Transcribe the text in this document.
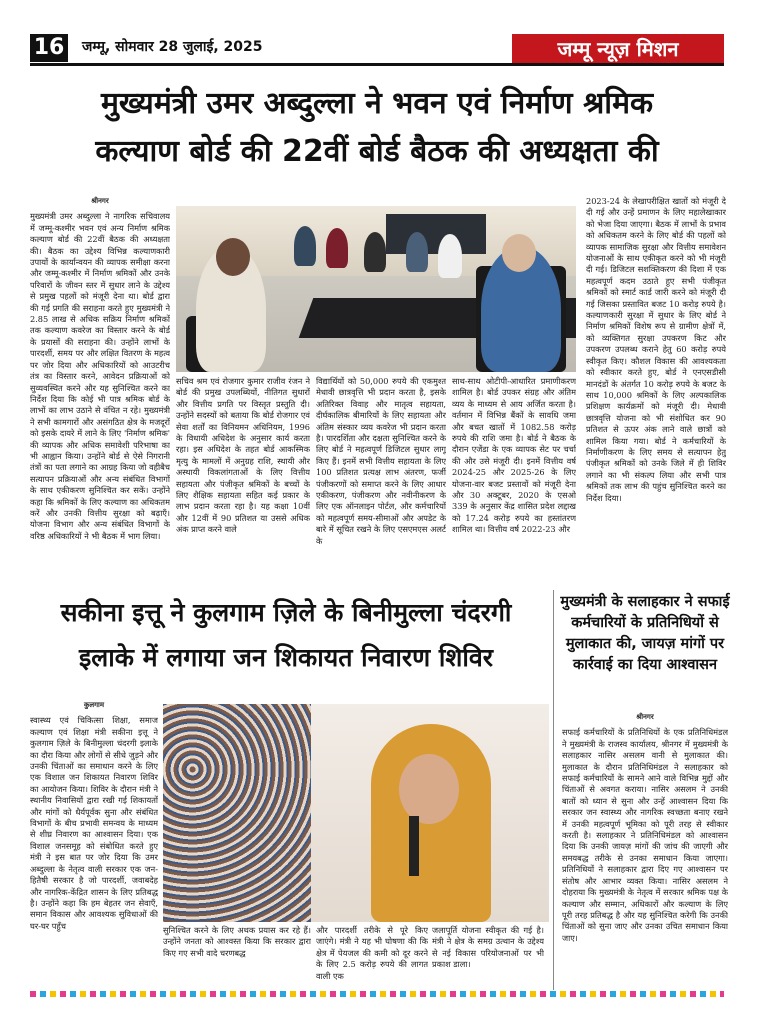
16 जम्मू, सोमवार 28 जुलाई, 2025	जम्मू न्यूज़ मिशन
मुख्यमंत्री उमर अब्दुल्ला ने भवन एवं निर्माण श्रमिक
कल्याण बोर्ड की 22वीं बोर्ड बैठक की अध्यक्षता की
श्रीनगर
मुख्यमंत्री उमर अब्दुल्ला ने नागरिक सचिवालय में जम्मू-कश्मीर भवन एवं अन्य निर्माण श्रमिक कल्याण बोर्ड की 22वीं बैठक की अध्यक्षता की। बैठक का उद्देश्य विभिन्न कल्याणकारी उपायों के कार्यान्वयन की व्यापक समीक्षा करना और जम्मू-कश्मीर में निर्माण श्रमिकों और उनके परिवारों के जीवन स्तर में सुधार लाने के उद्देश्य से प्रमुख पहलों को मंजूरी देना था। बोर्ड द्वारा की गई प्रगति की सराहना करते हुए मुख्यमंत्री ने 2.85 लाख से अधिक सक्रिय निर्माण श्रमिकों तक कल्याण कवरेज का विस्तार करने के बोर्ड के प्रयासों की सराहना की। उन्होंने लाभों के पारदर्शी, समय पर और लक्षित वितरण के महत्व पर जोर दिया और अधिकारियों को आउटरीच तंत्र का विस्तार करने, आवेदन प्रक्रियाओं को सुव्यवस्थित करने और यह सुनिश्चित करने का निर्देश दिया कि कोई भी पात्र श्रमिक बोर्ड के लाभों का लाभ उठाने से वंचित न रहे। मुख्यमंत्री ने सभी कामगारों और असंगठित क्षेत्र के मजदूरों को इसके दायरे में लाने के लिए 'निर्माण श्रमिक' की व्यापक और अधिक समावेशी परिभाषा का भी आह्वान किया। उन्होंने बोर्ड से ऐसे निगरानी तंत्रों का पता लगाने का आग्रह किया जो वहीबैच सत्यापन प्रक्रियाओं और अन्य संबंधित विभागों के साथ एकीकरण सुनिश्चित कर सकें। उन्होंने कहा कि श्रमिकों के लिए कल्याण का अधिकतम करें और उनकी वित्तीय सुरक्षा को बढ़ाएँ। योजना विभाग और अन्य संबंधित विभागों के वरिष्ठ अधिकारियों ने भी बैठक में भाग लिया।
सचिव श्रम एवं रोजगार कुमार राजीव रंजन ने बोर्ड की प्रमुख उपलब्धियों, नीतिगत सुधारों और वित्तीय प्रगति पर विस्तृत प्रस्तुति दी। उन्होंने सदस्यों को बताया कि बोर्ड रोजगार एवं सेवा शर्तों का विनियमन अधिनियम, 1996 के विधायी अधिदेश के अनुसार कार्य करता रहा। इस अधिदेश के तहत बोर्ड आकस्मिक मृत्यु के मामलों में अनुग्रह राशि, स्थायी और अस्थायी विकलांगताओं के लिए वित्तीय सहायता और पंजीकृत श्रमिकों के बच्चों के लिए शैक्षिक सहायता सहित कई प्रकार के लाभ प्रदान करता रहा है। यह कक्षा 10वीं और 12वीं में 90 प्रतिशत या उससे अधिक अंक प्राप्त करने वाले
विद्यार्थियों को 50,000 रुपये की एकमुश्त मेधावी छात्रवृत्ति भी प्रदान करता है, इसके अतिरिक्त विवाह और मातृत्व सहायता, दीर्घकालिक बीमारियों के लिए सहायता और अंतिम संस्कार व्यय कवरेज भी प्रदान करता है। पारदर्शिता और दक्षता सुनिश्चित करने के लिए बोर्ड ने महत्वपूर्ण डिजिटल सुधार लागू किए हैं। इनमें सभी वित्तीय सहायता के लिए 100 प्रतिशत प्रत्यक्ष लाभ अंतरण, फर्जी पंजीकरणों को समाप्त करने के लिए आधार एकीकरण, पंजीकरण और नवीनीकरण के लिए एक ऑनलाइन पोर्टल, और कर्मचारियों को महत्वपूर्ण समय-सीमाओं और अपडेट के बारे में सूचित रखने के लिए एसएमएस अलर्ट के
साथ-साथ ओटीपी-आधारित प्रमाणीकरण शामिल है। बोर्ड उपकर संग्रह और अंतिम व्यय के माध्यम से आय अर्जित करता है। वर्तमान में विभिन्न बैंकों के सावधि जमा और बचत खातों में 1082.58 करोड़ रुपये की राशि जमा है। बोर्ड ने बैठक के दौरान एजेंडा के एक व्यापक सेट पर चर्चा की और उसे मंजूरी दी। इनमें वित्तीय वर्ष 2024-25 और 2025-26 के लिए योजना-वार बजट प्रस्तावों को मंजूरी देना और 30 अक्टूबर, 2020 के एसओ 339 के अनुसार केंद्र शासित प्रदेश लद्दाख को 17.24 करोड़ रुपये का हस्तांतरण शामिल था। वित्तीय वर्ष 2022-23 और
2023-24 के लेखापरीक्षित खातों को मंजूरी दे दी गई और उन्हें प्रमाणन के लिए महालेखाकार को भेजा दिया जाएगा। बैठक में लाभों के प्रभाव को अधिकतम करने के लिए बोर्ड की पहलों को व्यापक सामाजिक सुरक्षा और वित्तीय समावेशन योजनाओं के साथ एकीकृत करने को भी मंजूरी दी गई। डिजिटल सशक्तिकरण की दिशा में एक महत्वपूर्ण कदम उठाते हुए सभी पंजीकृत श्रमिकों को स्मार्ट कार्ड जारी करने को मंजूरी दी गई जिसका प्रस्तावित बजट 10 करोड़ रुपये है। कल्याणकारी सुरक्षा में सुधार के लिए बोर्ड ने निर्माण श्रमिकों विशेष रूप से ग्रामीण क्षेत्रों में, को व्यक्तिगत सुरक्षा उपकरण किट और उपकरण उपलब्ध कराने हेतु 60 करोड़ रुपये स्वीकृत किए। कौशल विकास की आवश्यकता को स्वीकार करते हुए, बोर्ड ने एनएसडीसी मानदंडों के अंतर्गत 10 करोड़ रुपये के बजट के साथ 10,000 श्रमिकों के लिए अल्पकालिक प्रशिक्षण कार्यक्रमों को मंजूरी दी। मेधावी छात्रवृत्ति योजना को भी संशोधित कर 90 प्रतिशत से ऊपर अंक लाने वाले छात्रों को शामिल किया गया। बोर्ड ने कर्मचारियों के निर्माणीकरण के लिए समय से सत्यापन हेतु पंजीकृत श्रमिकों को उनके जिले में ही शिविर लगाने का भी संकल्प लिया और सभी पात्र श्रमिकों तक लाभ की पहुंच सुनिश्चित करने का निर्देश दिया।
सकीना इत्तू ने कुलगाम ज़िले के बिनीमुल्ला चंदरगी
इलाके में लगाया जन शिकायत निवारण शिविर
कुलगाम
स्वास्थ्य एवं चिकित्सा शिक्षा, समाज कल्याण एवं शिक्षा मंत्री सकीना इत्तू ने कुलगाम ज़िले के बिनीमुल्ला चंदरगी इलाके का दौरा किया और लोगों से सीधे जुड़ने और उनकी चिंताओं का समाधान करने के लिए एक विशाल जन शिकायत निवारण शिविर का आयोजन किया। शिविर के दौरान मंत्री ने स्थानीय निवासियों द्वारा रखी गई शिकायतों और मांगों को धैर्यपूर्वक सुना और संबंधित विभागों के बीच प्रभावी समन्वय के माध्यम से शीघ्र निवारण का आश्वासन दिया। एक विशाल जनसमूह को संबोधित करते हुए मंत्री ने इस बात पर जोर दिया कि उमर अब्दुल्ला के नेतृत्व वाली सरकार एक जन-हितैषी सरकार है जो पारदर्शी, जवाबदेह और नागरिक-केंद्रित शासन के लिए प्रतिबद्ध है। उन्होंने कहा कि हम बेहतर जन सेवाएँ, समान विकास और आवश्यक सुविधाओं की घर-घर पहुँच	सुनिश्चित करने के लिए अथक प्रयास कर रहे हैं। उन्होंने जनता को आश्वस्त किया कि सरकार द्वारा किए गए सभी वादे चरणबद्ध
और पारदर्शी तरीके से पूरे किए जाएंगे। मंत्री ने यह भी घोषणा की कि क्षेत्र में पेयजल की कमी को दूर करने के लिए 2.5 करोड़ रुपये की लागत वाली एक
जलापूर्ति योजना स्वीकृत की गई है। मंत्री ने क्षेत्र के समग्र उत्थान के उद्देश्य से नई विकास परियोजनाओं पर भी प्रकाश डाला।
मुख्यमंत्री के सलाहकार ने सफाई कर्मचारियों के प्रतिनिधियों से मुलाकात की, जायज़ मांगों पर कार्रवाई का दिया आश्वासन
श्रीनगर
सफाई कर्मचारियों के प्रतिनिधियों के एक प्रतिनिधिमंडल ने मुख्यमंत्री के राजस्व कार्यालय, श्रीनगर में मुख्यमंत्री के सलाहकार नासिर असलम वानी से मुलाकात की। मुलाकात के दौरान प्रतिनिधिमंडल ने सलाहकार को सफाई कर्मचारियों के सामने आने वाले विभिन्न मुद्दों और चिंताओं से अवगत कराया। नासिर असलम ने उनकी बातों को ध्यान से सुना और उन्हें आश्वासन दिया कि सरकार जन स्वास्थ्य और नागरिक स्वच्छता बनाए रखने में उनकी महत्वपूर्ण भूमिका को पूरी तरह से स्वीकार करती है। सलाहकार ने प्रतिनिधिमंडल को आश्वासन दिया कि उनकी जायज़ मांगों की जांच की जाएगी और समयबद्ध तरीके से उनका समाधान किया जाएगा। प्रतिनिधियों ने सलाहकार द्वारा दिए गए आश्वासन पर संतोष और आभार व्यक्त किया। नासिर असलम ने दोहराया कि मुख्यमंत्री के नेतृत्व में सरकार श्रमिक पक्ष के कल्याण और सम्मान, अधिकारों और कल्याण के लिए पूरी तरह प्रतिबद्ध है और यह सुनिश्चित करेगी कि उनकी चिंताओं को सुना जाए और उनका उचित समाधान किया जाए।
